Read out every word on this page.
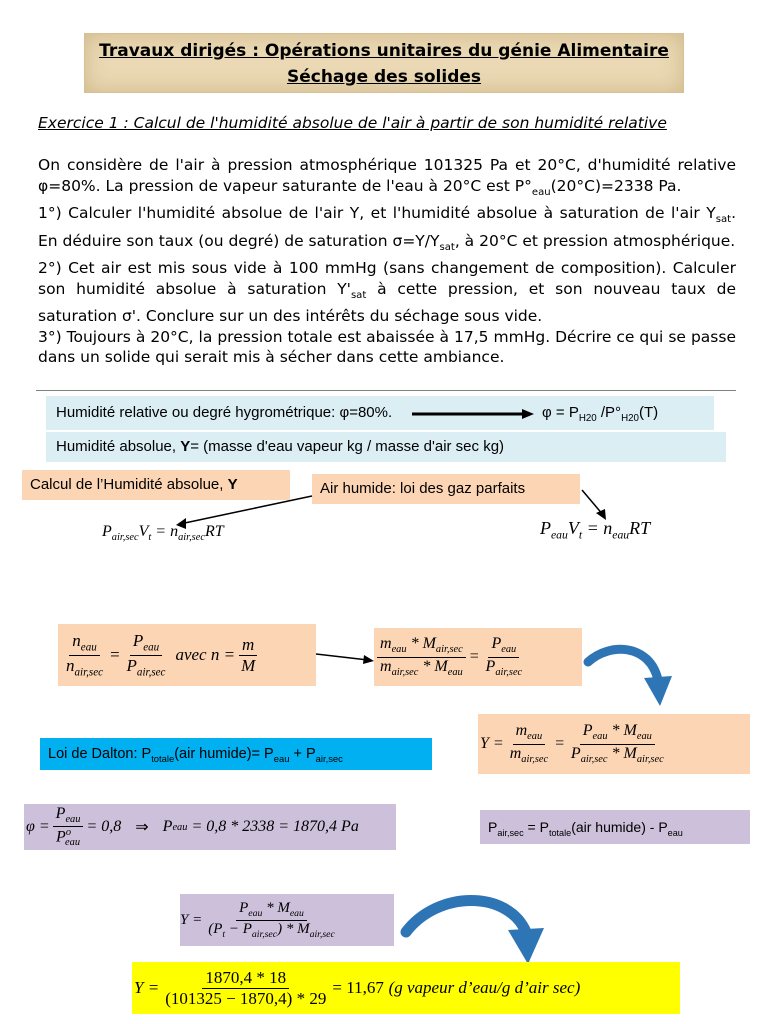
Travaux dirigés : Opérations unitaires du génie Alimentaire
Séchage des solides
Exercice 1 : Calcul de l'humidité absolue de l'air à partir de son humidité relative

On considère de l'air à pression atmosphérique 101325 Pa et 20°C, d'humidité relative φ=80%. La pression de vapeur saturante de l'eau à 20°C est $P^\circ_{eau}(20^\circ C)=2338$ Pa.

1°) Calculer l'humidité absolue de l'air Y, et l'humidité absolue à saturation de l'air $Y_{sat}$. En déduire son taux (ou degré) de saturation $\sigma=Y/Y_{sat}$, à 20°C et pression atmosphérique.

2°) Cet air est mis sous vide à 100 mmHg (sans changement de composition). Calculer son humidité absolue à saturation $Y'_{sat}$ à cette pression, et son nouveau taux de saturation σ'. Conclure sur un des intérêts du séchage sous vide.

3°) Toujours à 20°C, la pression totale est abaissée à 17,5 mmHg. Décrire ce qui se passe dans un solide qui serait mis à sécher dans cette ambiance.

Humidité relative ou degré hygrométrique: φ=80%.	$\varphi = P_{H20}$ $/P^\circ_{H20}(T)$
Humidité absolue, Y= (masse d'eau vapeur kg / masse d'air sec kg)
Calcul de l’Humidité absolue, Y	Air humide: loi des gaz parfaits
$P_{air,sec}V_t = n_{air,sec}RT$	$P_{eau}V_t = n_{eau}RT$
$\frac{n_{eau}}{n_{air,sec}} = \frac{P_{eau}}{P_{air,sec}}$ avec $n = \frac{m}{M}$	$\frac{m_{eau} * M_{air,sec}}{m_{air,sec} * M_{eau}} = \frac{P_{eau}}{P_{air,sec}}$
$Y = \frac{m_{eau}}{m_{air,sec}} = \frac{P_{eau} * M_{eau}}{P_{air,sec} * M_{air,sec}}$
Loi de Dalton: $P_{totale}(air$ humide)= $P_{eau} + P_{air,sec}$
$\varphi = \frac{P_{eau}}{P^o_{eau}} = 0,8$ ⇒ P eau
= 0,8 * 2338 = 1870,4 Pa	$P_{air,sec} = P_{totale}(air$ humide) - $P_{eau}$
$Y = \frac{P_{eau} * M_{eau}}{(P_t - P_{air,sec}) * M_{air,sec}}$
$Y = \frac{1870,4 * 18}{(101325 - 1870,4) * 29} = 11,67$
(g vapeur d’eau/g d’air sec)
